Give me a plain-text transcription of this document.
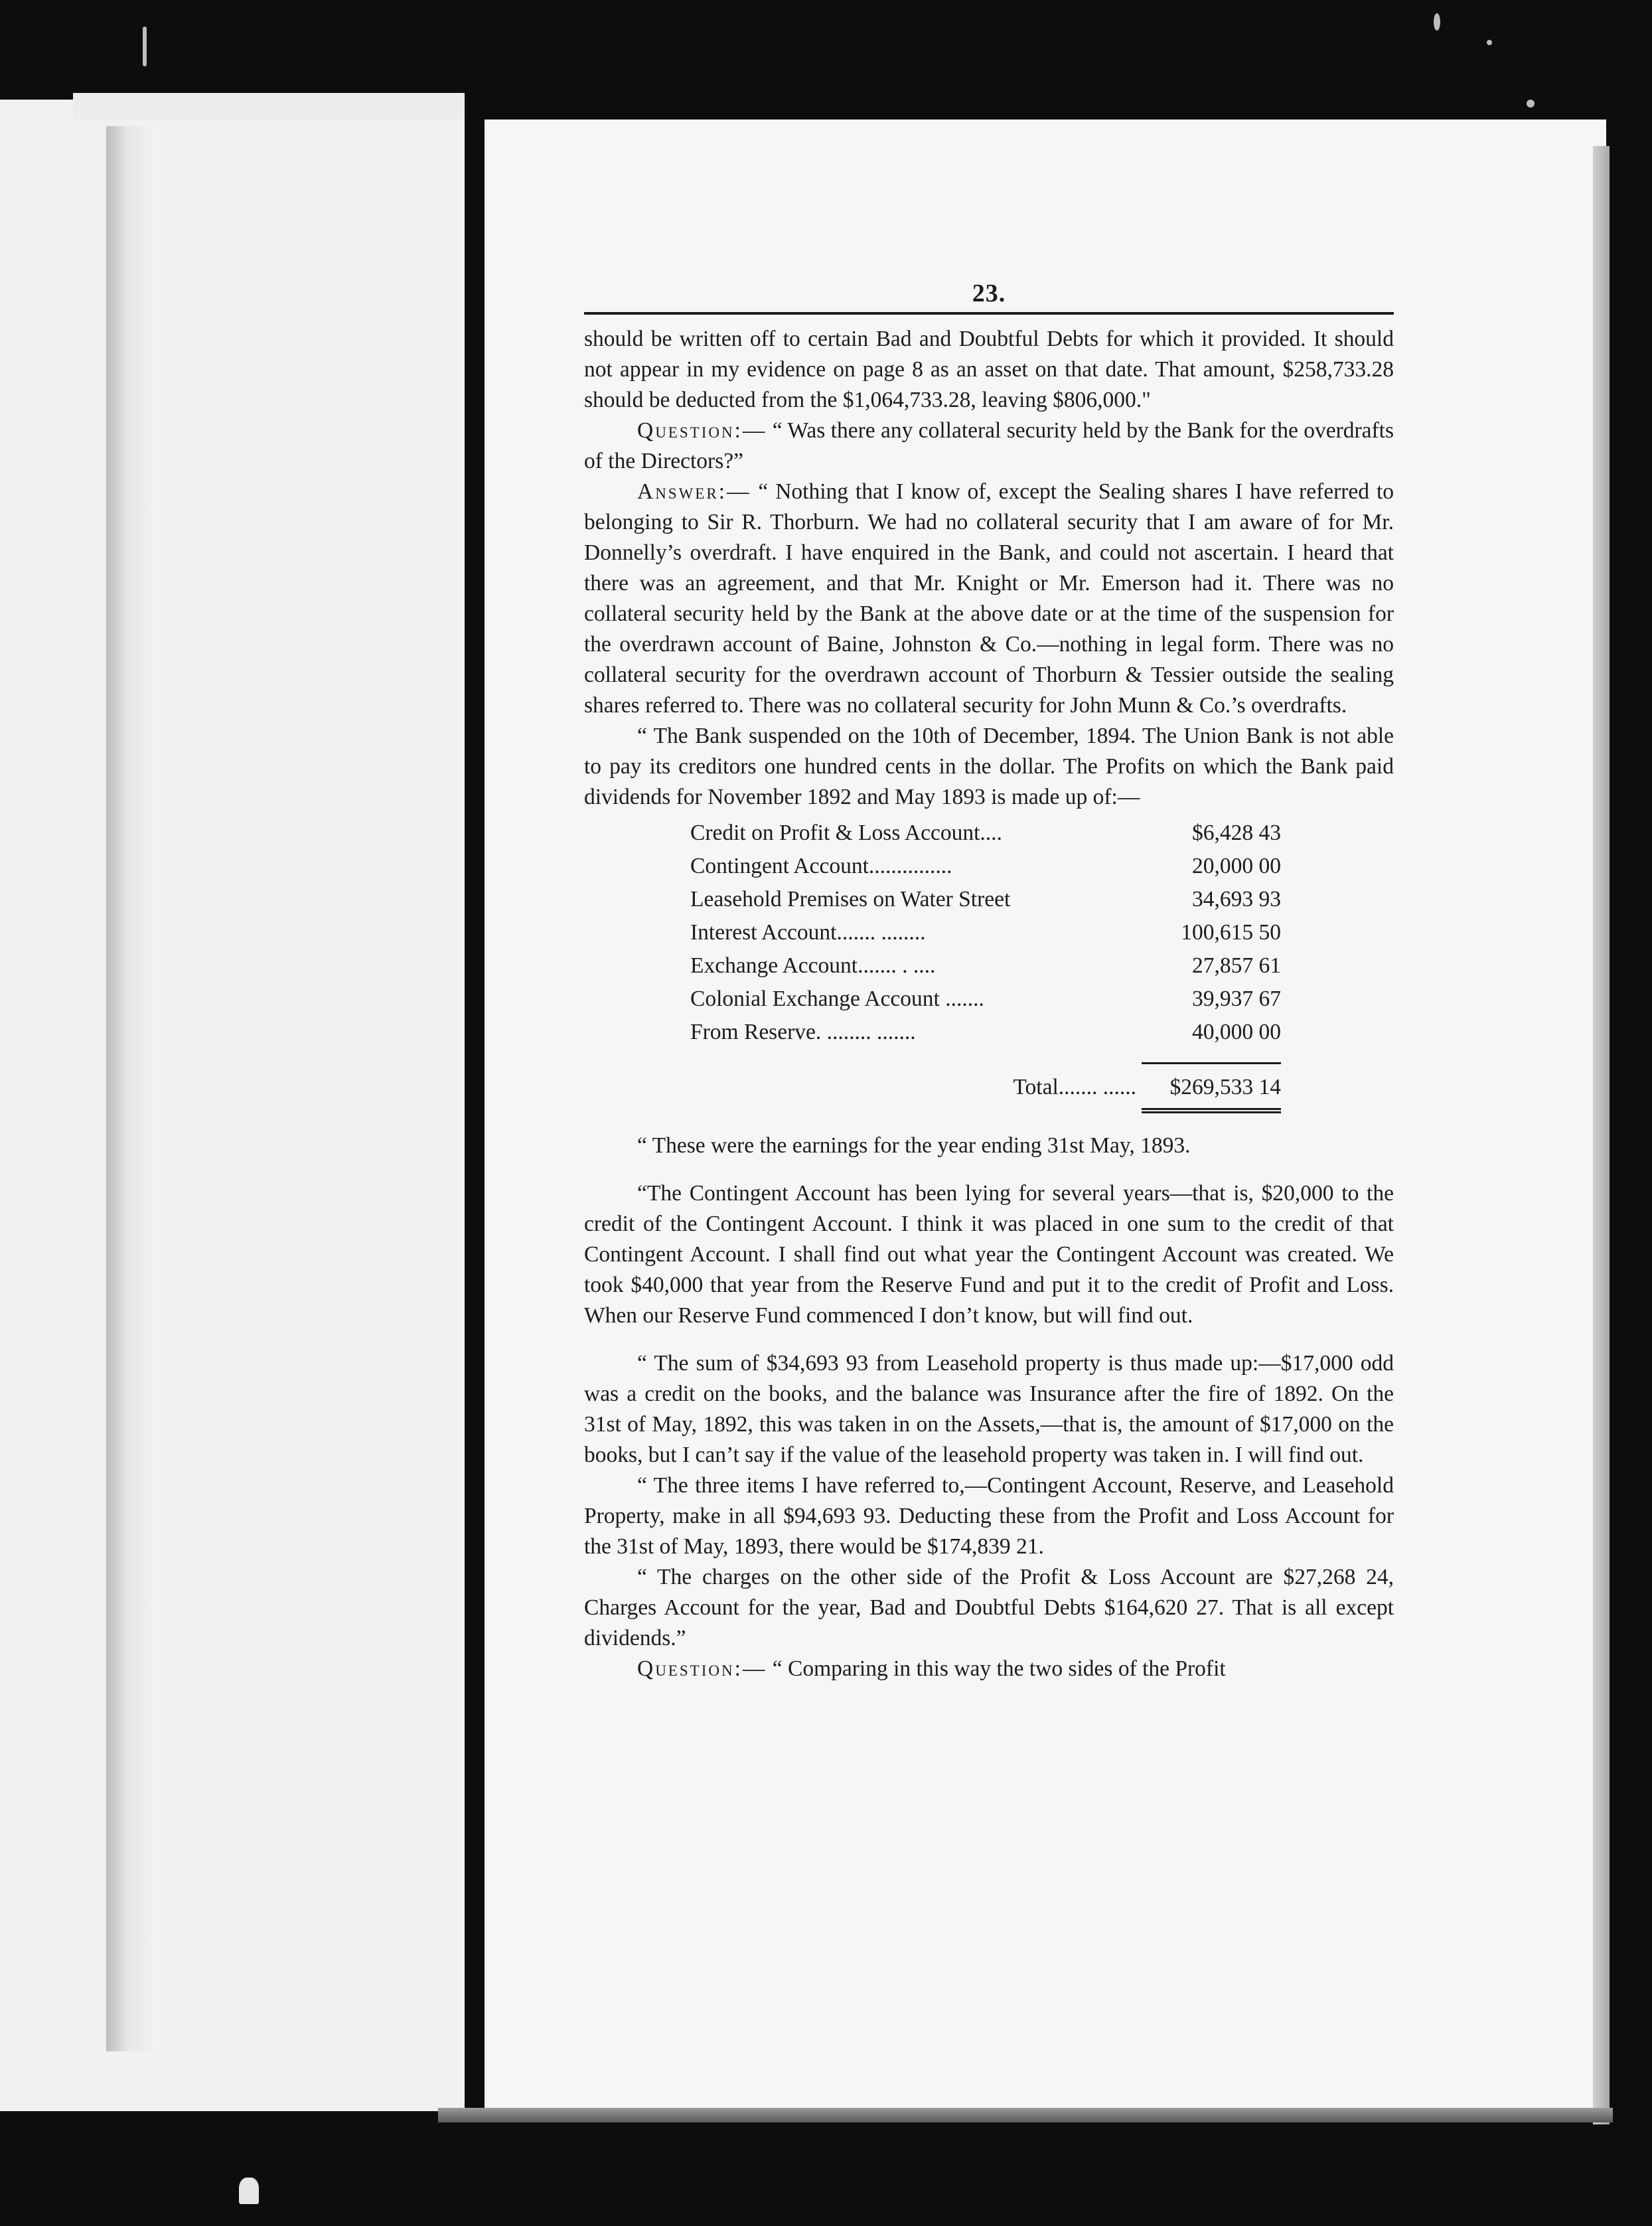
23.

should be written off to certain Bad and Doubtful Debts for which it provided. It should not appear in my evidence on page 8 as an asset on that date. That amount, $258,733.28 should be deducted from the $1,064,733.28, leaving $806,000."

Question:— “ Was there any collateral security held by the Bank for the overdrafts of the Directors?”

Answer:— “ Nothing that I know of, except the Sealing shares I have referred to belonging to Sir R. Thorburn. We had no collateral security that I am aware of for Mr. Donnelly’s overdraft. I have enquired in the Bank, and could not ascertain. I heard that there was an agreement, and that Mr. Knight or Mr. Emerson had it. There was no collateral security held by the Bank at the above date or at the time of the suspension for the overdrawn account of Baine, Johnston & Co.—nothing in legal form. There was no collateral security for the overdrawn account of Thorburn & Tessier outside the sealing shares referred to. There was no collateral security for John Munn & Co.’s overdrafts.

“ The Bank suspended on the 10th of December, 1894. The Union Bank is not able to pay its creditors one hundred cents in the dollar. The Profits on which the Bank paid dividends for November 1892 and May 1893 is made up of:—

Credit on Profit & Loss Account....	$6,428 43
Contingent Account...............	20,000 00
Leasehold Premises on Water Street	34,693 93
Interest Account....... ........	100,615 50
Exchange Account....... . ....	27,857 61
Colonial Exchange Account .......	39,937 67
From Reserve. ........ .......	40,000 00
Total....... ......	$269,533 14

“ These were the earnings for the year ending 31st May, 1893.

“The Contingent Account has been lying for several years—that is, $20,000 to the credit of the Contingent Account. I think it was placed in one sum to the credit of that Contingent Account. I shall find out what year the Contingent Account was created. We took $40,000 that year from the Reserve Fund and put it to the credit of Profit and Loss. When our Reserve Fund commenced I don’t know, but will find out.

“ The sum of $34,693 93 from Leasehold property is thus made up:—$17,000 odd was a credit on the books, and the balance was Insurance after the fire of 1892. On the 31st of May, 1892, this was taken in on the Assets,—that is, the amount of $17,000 on the books, but I can’t say if the value of the leasehold property was taken in. I will find out.

“ The three items I have referred to,—Contingent Account, Reserve, and Leasehold Property, make in all $94,693 93. Deducting these from the Profit and Loss Account for the 31st of May, 1893, there would be $174,839 21.

“ The charges on the other side of the Profit & Loss Account are $27,268 24, Charges Account for the year, Bad and Doubtful Debts $164,620 27. That is all except dividends.”

Question:— “ Comparing in this way the two sides of the Profit
